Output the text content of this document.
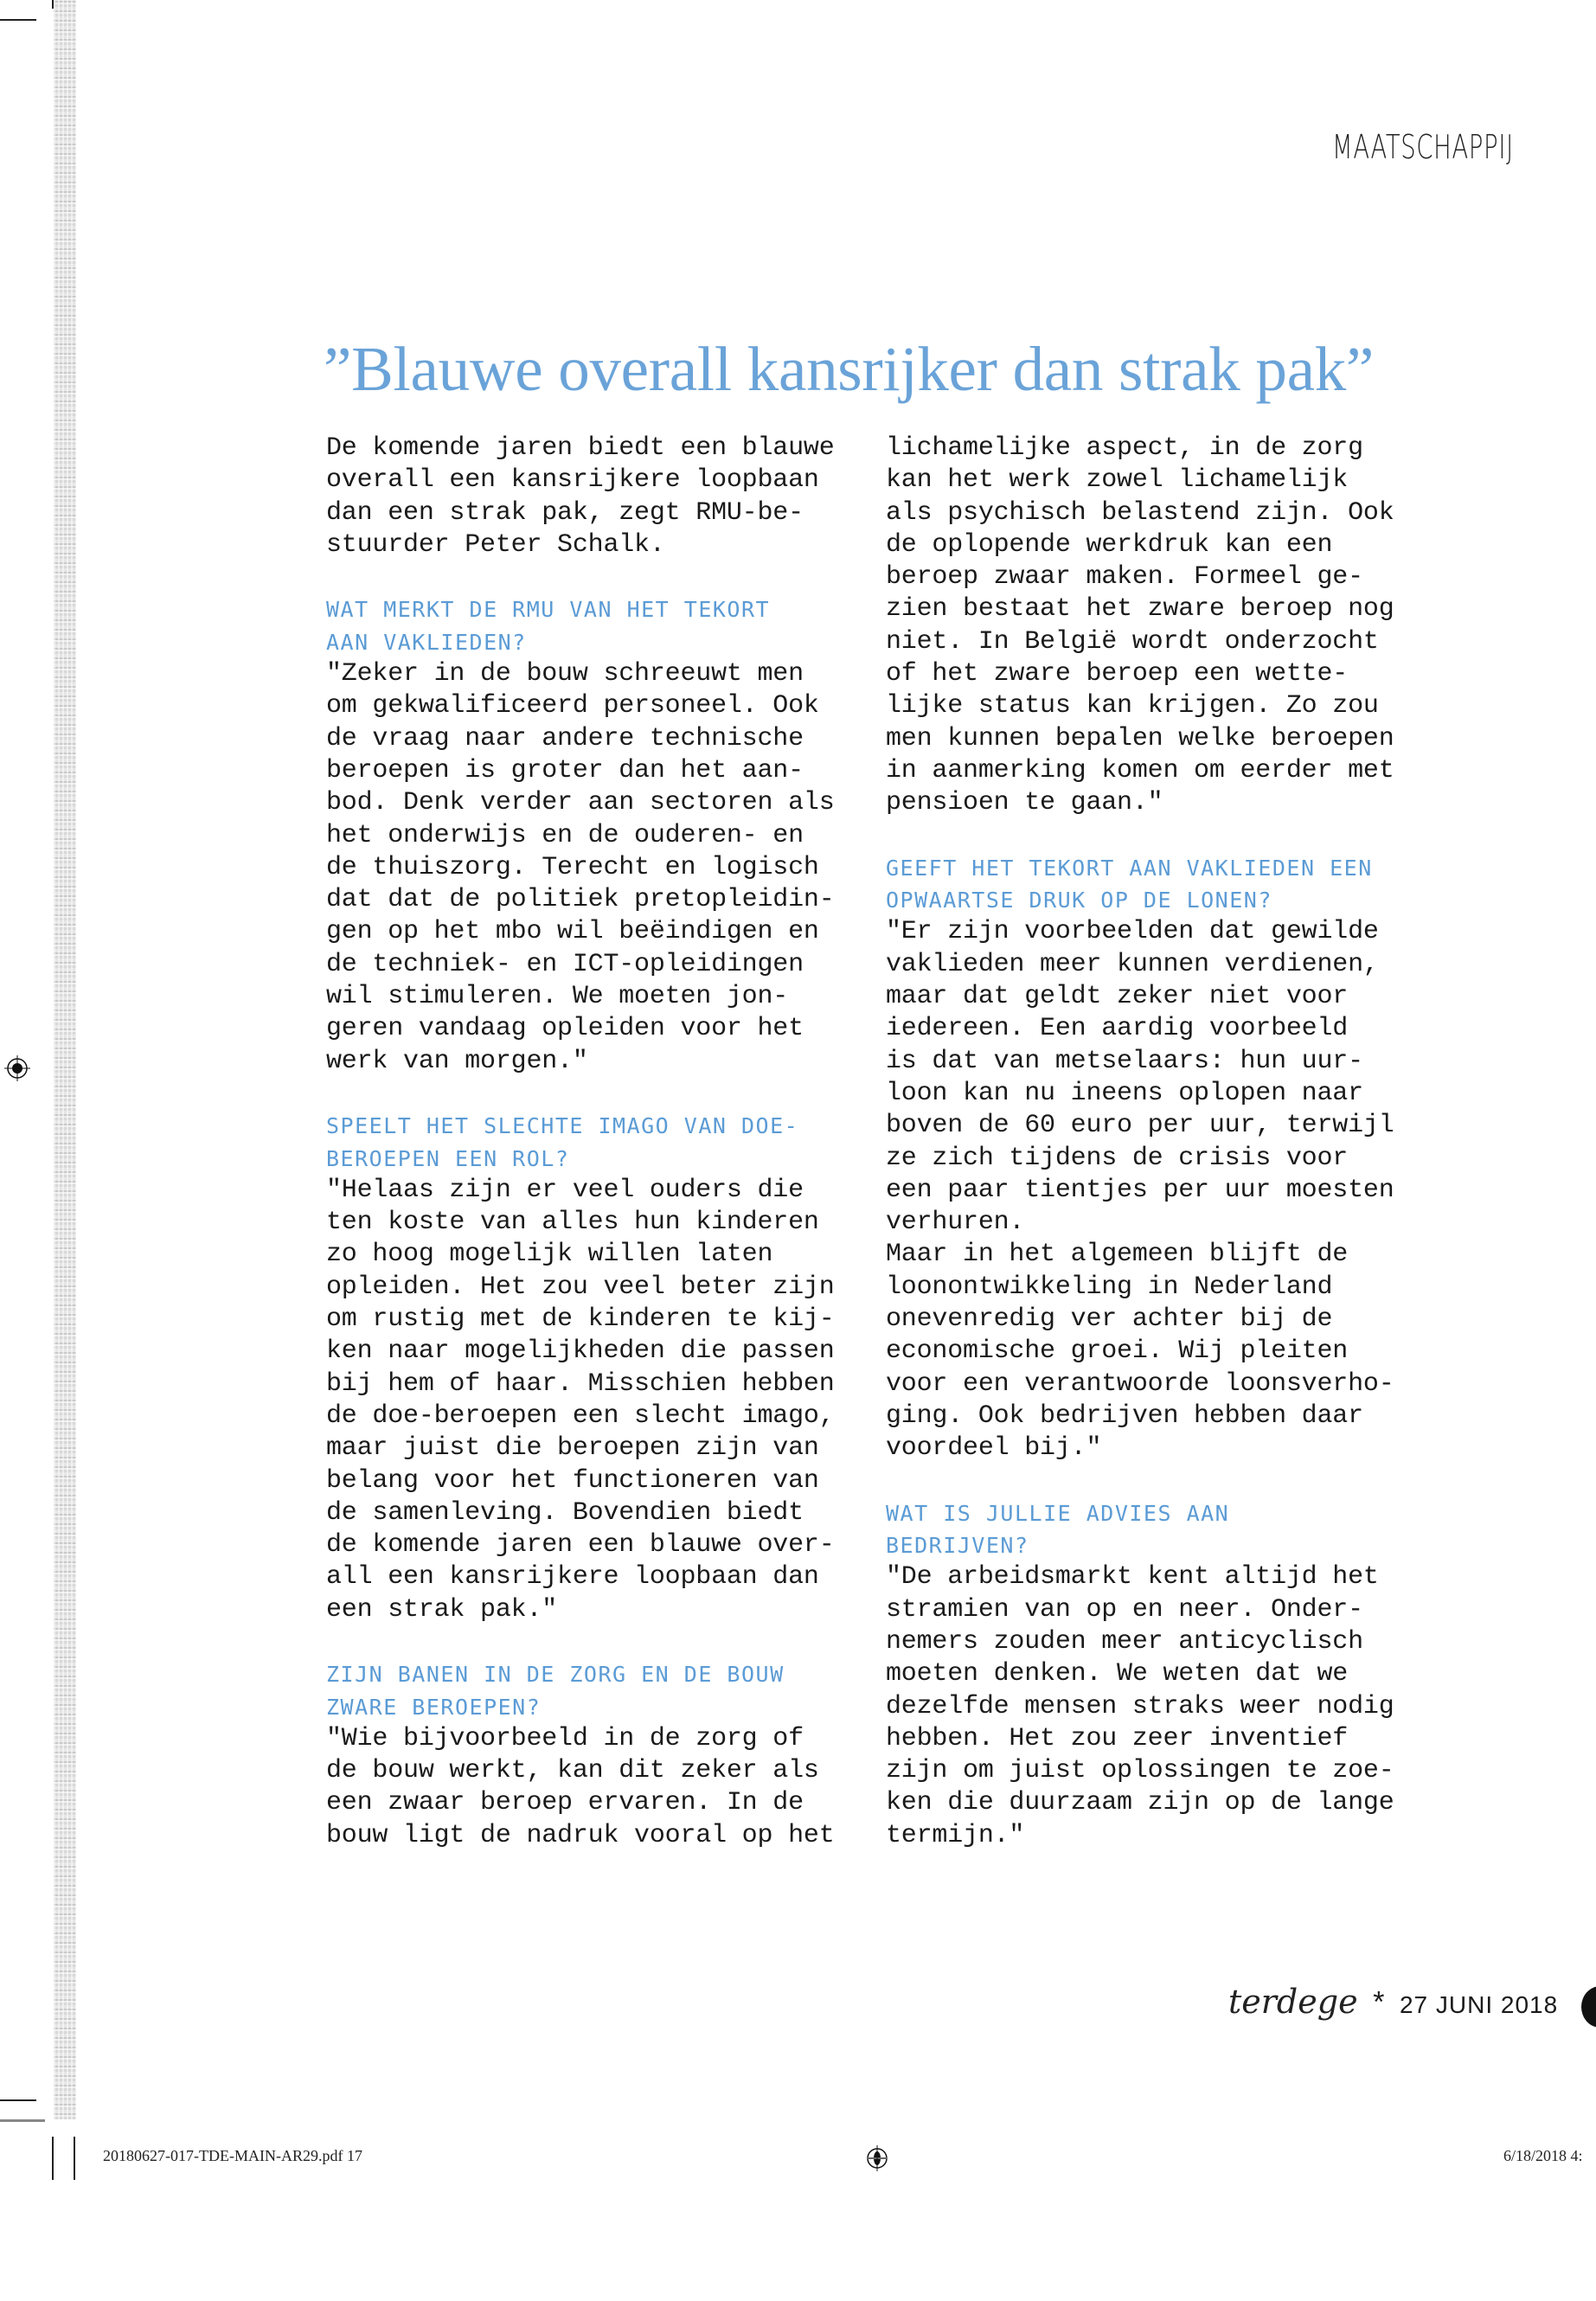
MAATSCHAPPIJ
”Blauwe overall kansrijker dan strak pak”
De komende jaren biedt een blauwe
overall een kansrijkere loopbaan
dan een strak pak, zegt RMU-be-
stuurder Peter Schalk.
WAT MERKT DE RMU VAN HET TEKORT
AAN VAKLIEDEN?
"Zeker in de bouw schreeuwt men
om gekwalificeerd personeel. Ook
de vraag naar andere technische
beroepen is groter dan het aan-
bod. Denk verder aan sectoren als
het onderwijs en de ouderen- en
de thuiszorg. Terecht en logisch
dat dat de politiek pretopleidin-
gen op het mbo wil beëindigen en
de techniek- en ICT-opleidingen
wil stimuleren. We moeten jon-
geren vandaag opleiden voor het
werk van morgen."
SPEELT HET SLECHTE IMAGO VAN DOE-
BEROEPEN EEN ROL?
"Helaas zijn er veel ouders die
ten koste van alles hun kinderen
zo hoog mogelijk willen laten
opleiden. Het zou veel beter zijn
om rustig met de kinderen te kij-
ken naar mogelijkheden die passen
bij hem of haar. Misschien hebben
de doe-beroepen een slecht imago,
maar juist die beroepen zijn van
belang voor het functioneren van
de samenleving. Bovendien biedt
de komende jaren een blauwe over-
all een kansrijkere loopbaan dan
een strak pak."
ZIJN BANEN IN DE ZORG EN DE BOUW
ZWARE BEROEPEN?
"Wie bijvoorbeeld in de zorg of
de bouw werkt, kan dit zeker als
een zwaar beroep ervaren. In de
bouw ligt de nadruk vooral op het
lichamelijke aspect, in de zorg
kan het werk zowel lichamelijk
als psychisch belastend zijn. Ook
de oplopende werkdruk kan een
beroep zwaar maken. Formeel ge-
zien bestaat het zware beroep nog
niet. In België wordt onderzocht
of het zware beroep een wette-
lijke status kan krijgen. Zo zou
men kunnen bepalen welke beroepen
in aanmerking komen om eerder met
pensioen te gaan."
GEEFT HET TEKORT AAN VAKLIEDEN EEN
OPWAARTSE DRUK OP DE LONEN?
"Er zijn voorbeelden dat gewilde
vaklieden meer kunnen verdienen,
maar dat geldt zeker niet voor
iedereen. Een aardig voorbeeld
is dat van metselaars: hun uur-
loon kan nu ineens oplopen naar
boven de 60 euro per uur, terwijl
ze zich tijdens de crisis voor
een paar tientjes per uur moesten
verhuren.
Maar in het algemeen blijft de
loonontwikkeling in Nederland
onevenredig ver achter bij de
economische groei. Wij pleiten
voor een verantwoorde loonsverho-
ging. Ook bedrijven hebben daar
voordeel bij."
WAT IS JULLIE ADVIES AAN
BEDRIJVEN?
"De arbeidsmarkt kent altijd het
stramien van op en neer. Onder-
nemers zouden meer anticyclisch
moeten denken. We weten dat we
dezelfde mensen straks weer nodig
hebben. Het zou zeer inventief
zijn om juist oplossingen te zoe-
ken die duurzaam zijn op de lange
termijn."
terdege * 27 JUNI 2018
20180627-017-TDE-MAIN-AR29.pdf 17	6/18/2018 4:
